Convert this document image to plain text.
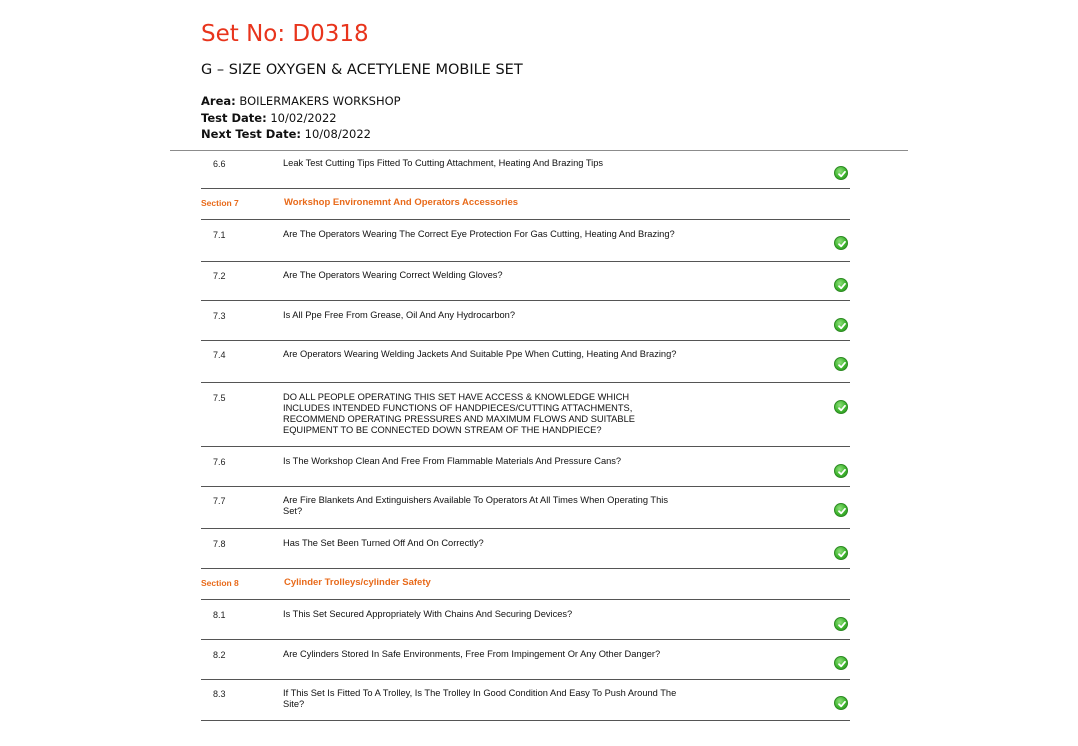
Set No: D0318
G – SIZE OXYGEN & ACETYLENE MOBILE SET
Area: BOILERMAKERS WORKSHOP
Test Date: 10/02/2022
Next Test Date: 10/08/2022
6.6	Leak Test Cutting Tips Fitted To Cutting Attachment, Heating And Brazing Tips
Section 7	Workshop Environemnt And Operators Accessories
7.1	Are The Operators Wearing The Correct Eye Protection For Gas Cutting, Heating And Brazing?
7.2	Are The Operators Wearing Correct Welding Gloves?
7.3	Is All Ppe Free From Grease, Oil And Any Hydrocarbon?
7.4	Are Operators Wearing Welding Jackets And Suitable Ppe When Cutting, Heating And Brazing?
7.5	DO ALL PEOPLE OPERATING THIS SET HAVE ACCESS & KNOWLEDGE WHICH INCLUDES INTENDED FUNCTIONS OF HANDPIECES/CUTTING ATTACHMENTS, RECOMMEND OPERATING PRESSURES AND MAXIMUM FLOWS AND SUITABLE EQUIPMENT TO BE CONNECTED DOWN STREAM OF THE HANDPIECE?
7.6	Is The Workshop Clean And Free From Flammable Materials And Pressure Cans?
7.7	Are Fire Blankets And Extinguishers Available To Operators At All Times When Operating This Set?
7.8	Has The Set Been Turned Off And On Correctly?
Section 8	Cylinder Trolleys/cylinder Safety
8.1	Is This Set Secured Appropriately With Chains And Securing Devices?
8.2	Are Cylinders Stored In Safe Environments, Free From Impingement Or Any Other Danger?
8.3	If This Set Is Fitted To A Trolley, Is The Trolley In Good Condition And Easy To Push Around The Site?
